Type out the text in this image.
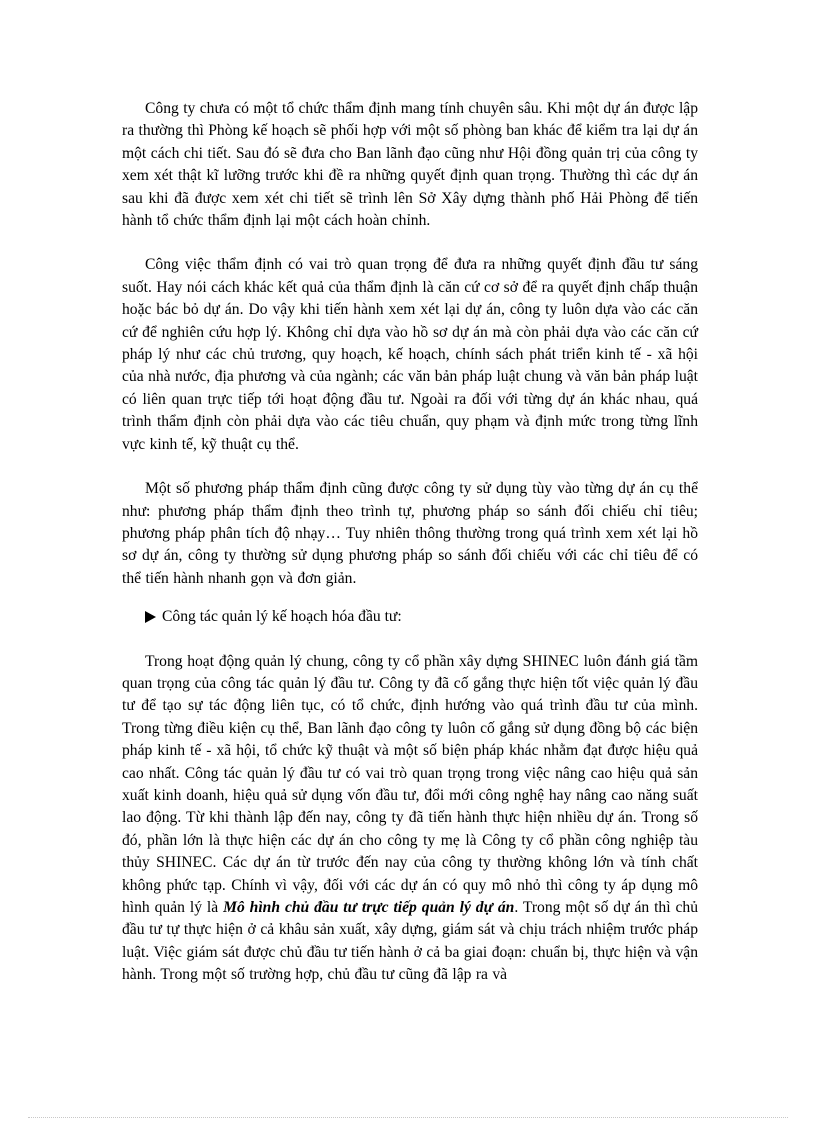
Công ty chưa có một tổ chức thẩm định mang tính chuyên sâu. Khi một dự án được lập ra thường thì Phòng kế hoạch sẽ phối hợp với một số phòng ban khác để kiểm tra lại dự án một cách chi tiết. Sau đó sẽ đưa cho Ban lãnh đạo cũng như Hội đồng quản trị của công ty xem xét thật kĩ lưỡng trước khi đề ra những quyết định quan trọng. Thường thì các dự án sau khi đã được xem xét chi tiết sẽ trình lên Sở Xây dựng thành phố Hải Phòng để tiến hành tổ chức thẩm định lại một cách hoàn chỉnh.

Công việc thẩm định có vai trò quan trọng để đưa ra những quyết định đầu tư sáng suốt. Hay nói cách khác kết quả của thẩm định là căn cứ cơ sở để ra quyết định chấp thuận hoặc bác bỏ dự án. Do vậy khi tiến hành xem xét lại dự án, công ty luôn dựa vào các căn cứ để nghiên cứu hợp lý. Không chỉ dựa vào hồ sơ dự án mà còn phải dựa vào các căn cứ pháp lý như các chủ trương, quy hoạch, kế hoạch, chính sách phát triển kinh tế - xã hội của nhà nước, địa phương và của ngành; các văn bản pháp luật chung và văn bản pháp luật có liên quan trực tiếp tới hoạt động đầu tư. Ngoài ra đối với từng dự án khác nhau, quá trình thẩm định còn phải dựa vào các tiêu chuẩn, quy phạm và định mức trong từng lĩnh vực kinh tế, kỹ thuật cụ thể.

Một số phương pháp thẩm định cũng được công ty sử dụng tùy vào từng dự án cụ thể như: phương pháp thẩm định theo trình tự, phương pháp so sánh đối chiếu chỉ tiêu; phương pháp phân tích độ nhạy… Tuy nhiên thông thường trong quá trình xem xét lại hồ sơ dự án, công ty thường sử dụng phương pháp so sánh đối chiếu với các chỉ tiêu để có thể tiến hành nhanh gọn và đơn giản.

Công tác quản lý kế hoạch hóa đầu tư:

Trong hoạt động quản lý chung, công ty cổ phần xây dựng SHINEC luôn đánh giá tầm quan trọng của công tác quản lý đầu tư. Công ty đã cố gắng thực hiện tốt việc quản lý đầu tư để tạo sự tác động liên tục, có tổ chức, định hướng vào quá trình đầu tư của mình. Trong từng điều kiện cụ thể, Ban lãnh đạo công ty luôn cố gắng sử dụng đồng bộ các biện pháp kinh tế - xã hội, tổ chức kỹ thuật và một số biện pháp khác nhằm đạt được hiệu quả cao nhất. Công tác quản lý đầu tư có vai trò quan trọng trong việc nâng cao hiệu quả sản xuất kinh doanh, hiệu quả sử dụng vốn đầu tư, đổi mới công nghệ hay nâng cao năng suất lao động. Từ khi thành lập đến nay, công ty đã tiến hành thực hiện nhiều dự án. Trong số đó, phần lớn là thực hiện các dự án cho công ty mẹ là Công ty cổ phần công nghiệp tàu thủy SHINEC. Các dự án từ trước đến nay của công ty thường không lớn và tính chất không phức tạp. Chính vì vậy, đối với các dự án có quy mô nhỏ thì công ty áp dụng mô hình quản lý là Mô hình chủ đầu tư trực tiếp quản lý dự án. Trong một số dự án thì chủ đầu tư tự thực hiện ở cả khâu sản xuất, xây dựng, giám sát và chịu trách nhiệm trước pháp luật. Việc giám sát được chủ đầu tư tiến hành ở cả ba giai đoạn: chuẩn bị, thực hiện và vận hành. Trong một số trường hợp, chủ đầu tư cũng đã lập ra và
